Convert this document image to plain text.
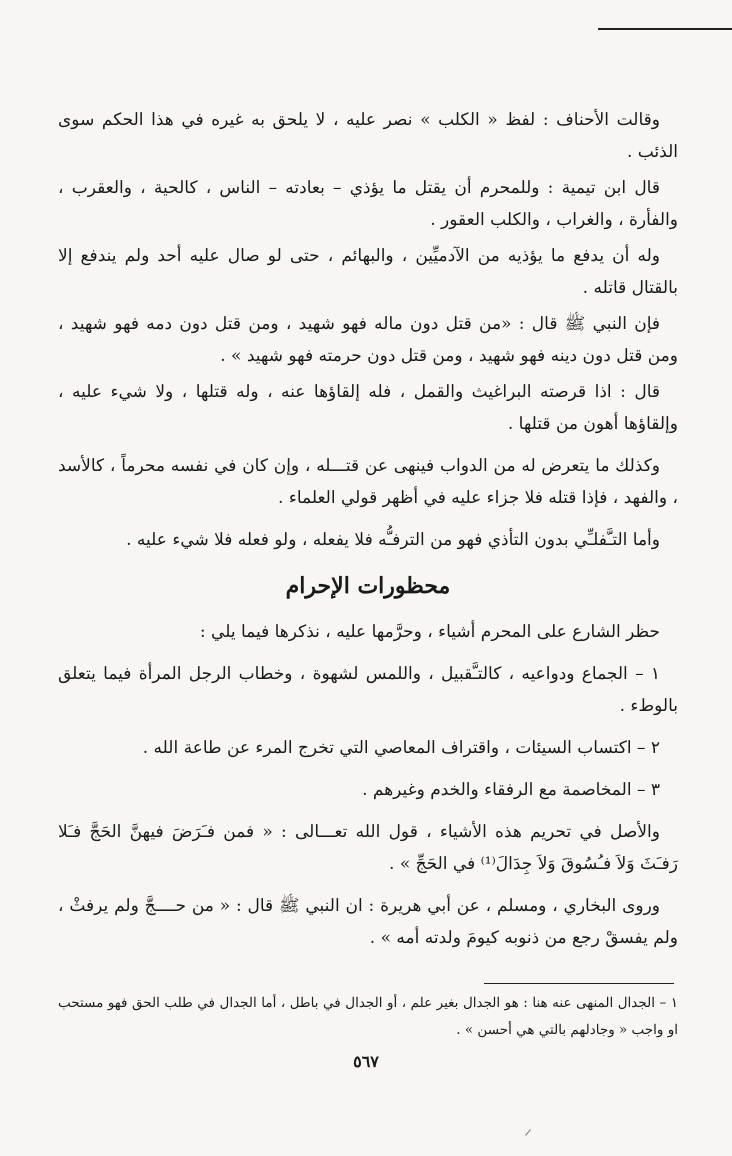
وقالت الأحناف : لفظ « الكلب » نصر عليه ، لا يلحق به غيره في هذا الحكم سوى الذئب .

قال ابن تيمية : وللمحرم أن يقتل ما يؤذي – بعادته – الناس ، كالحية ، والعقرب ، والفأرة ، والغراب ، والكلب العقور .

وله أن يدفع ما يؤذيه من الآدميِّين ، والبهائم ، حتى لو صال عليه أحد ولم يندفع إلا بالقتال قاتله .

فإن النبي ﷺ قال : «من قتل دون ماله فهو شهيد ، ومن قتل دون دمه فهو شهيد ، ومن قتل دون دينه فهو شهيد ، ومن قتل دون حرمته فهو شهيد » .

قال : اذا قرصته البراغيث والقمل ، فله إلقاؤها عنه ، وله قتلها ، ولا شيء عليه ، وإلقاؤها أهون من قتلها .

وكذلك ما يتعرض له من الدواب فينهى عن قتـــله ، وإن كان في نفسه محرماً ، كالأسد ، والفهد ، فإذا قتله فلا جزاء عليه في أظهر قولي العلماء .

وأما التـَّفلـِّي بدون التأذي فهو من الترفـُّه فلا يفعله ، ولو فعله فلا شيء عليه .

محظورات الإحرام

حظر الشارع على المحرم أشياء ، وحرَّمها عليه ، نذكرها فيما يلي :

١ – الجماع ودواعيه ، كالتـَّقبيل ، واللمس لشهوة ، وخطاب الرجل المرأة فيما يتعلق بالوطء .

٢ – اكتساب السيئات ، واقتراف المعاصي التي تخرج المرء عن طاعة الله .

٣ – المخاصمة مع الرفقاء والخدم وغيرهم .

والأصل في تحريم هذه الأشياء ، قول الله تعـــالى : « فمن فـَرَضَ فيهنَّ الحَجَّ فـَلا رَفـَثَ وَلاَ فـُسُوقَ وَلاَ جِدَالَ⁽¹⁾ في الحَجِّ » .

وروى البخاري ، ومسلم ، عن أبي هريرة : ان النبي ﷺ قال : « من حــــجَّ ولم يرفثْ ، ولم يفسقْ رجع من ذنوبه كيومَ ولدته أمه » .

١ – الجدال المنهى عنه هنا : هو الجدال بغير علم ، أو الجدال في باطل ، أما الجدال في طلب الحق فهو مستحب او واجب « وجادلهم بالتي هي أحسن » .

٥٦٧
